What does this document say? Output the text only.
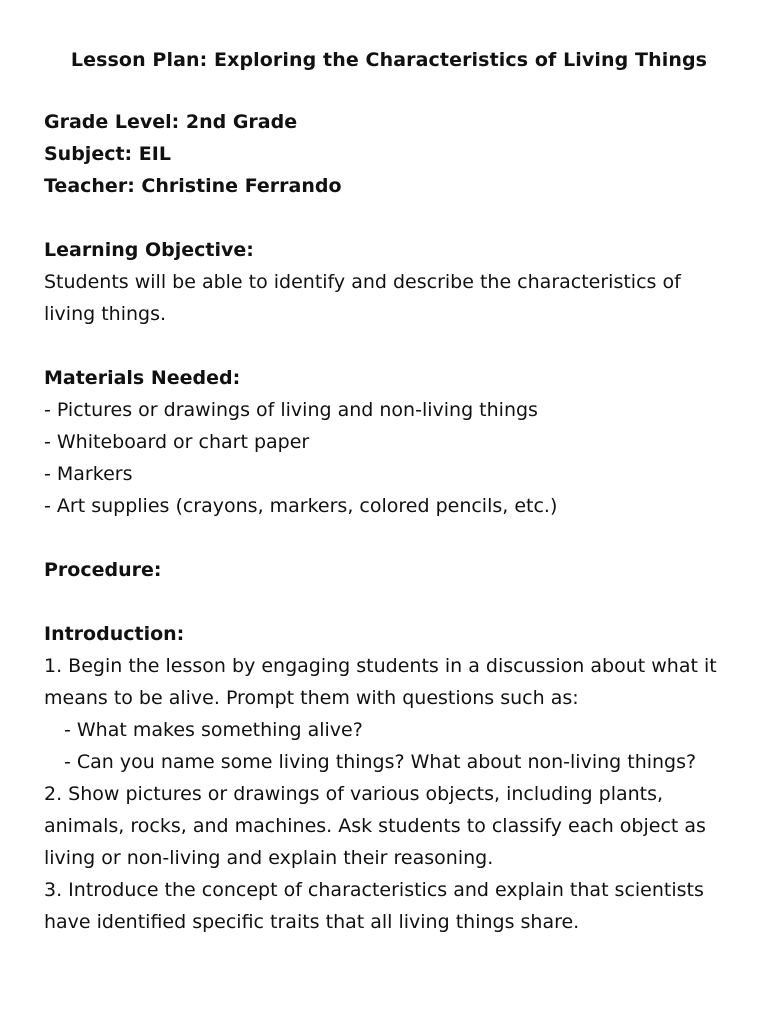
Lesson Plan: Exploring the Characteristics of Living Things

Grade Level: 2nd Grade

Subject: EIL

Teacher: Christine Ferrando

Learning Objective:

Students will be able to identify and describe the characteristics of

living things.

Materials Needed:

- Pictures or drawings of living and non-living things

- Whiteboard or chart paper

- Markers

- Art supplies (crayons, markers, colored pencils, etc.)

Procedure:

Introduction:

1. Begin the lesson by engaging students in a discussion about what it

means to be alive. Prompt them with questions such as:

- What makes something alive?

- Can you name some living things? What about non-living things?

2. Show pictures or drawings of various objects, including plants,

animals, rocks, and machines. Ask students to classify each object as

living or non-living and explain their reasoning.

3. Introduce the concept of characteristics and explain that scientists

have identified specific traits that all living things share.
